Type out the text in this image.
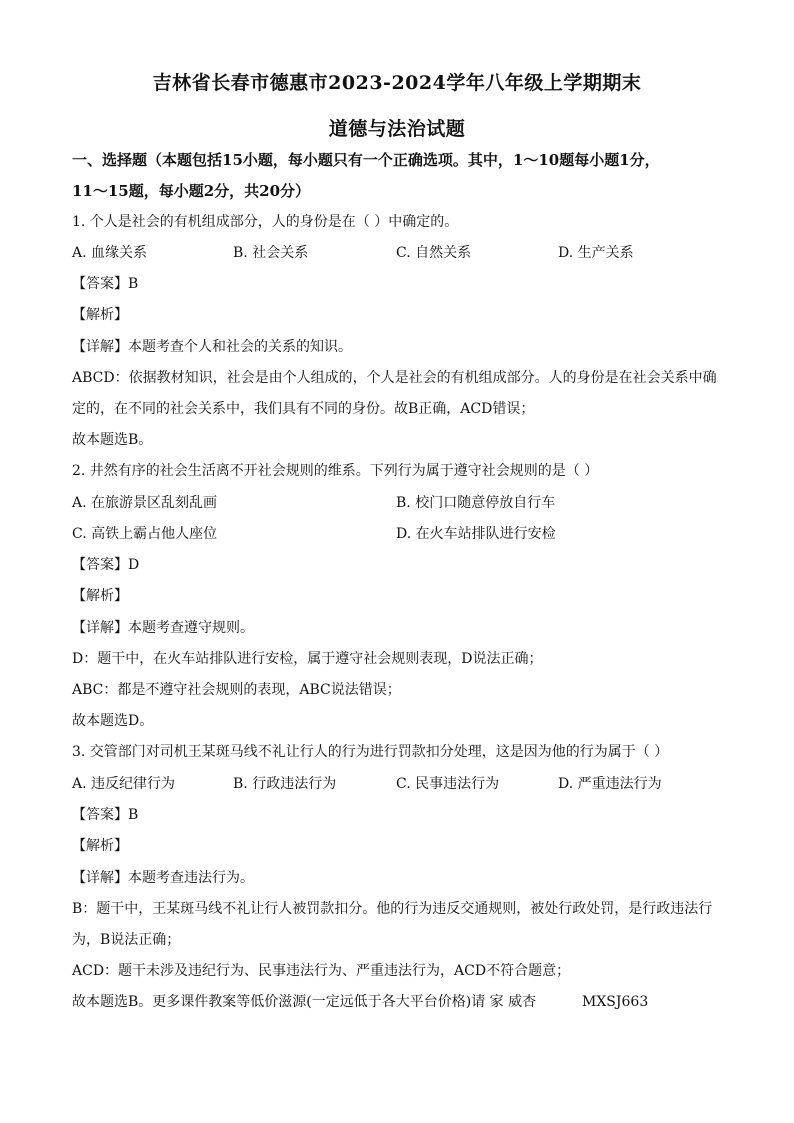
吉林省长春市德惠市2023-2024学年八年级上学期期末
道德与法治试题
一、选择题（本题包括15小题，每小题只有一个正确选项。其中，1～10题每小题1分，
11～15题，每小题2分，共20分）
1. 个人是社会的有机组成部分，人的身份是在（ ）中确定的。
A. 血缘关系	B. 社会关系	C. 自然关系	D. 生产关系
【答案】B
【解析】
【详解】本题考查个人和社会的关系的知识。
ABCD：依据教材知识，社会是由个人组成的，个人是社会的有机组成部分。人的身份是在社会关系中确
定的，在不同的社会关系中，我们具有不同的身份。故B正确，ACD错误；
故本题选B。
2. 井然有序的社会生活离不开社会规则的维系。下列行为属于遵守社会规则的是（ ）
A. 在旅游景区乱刻乱画	B. 校门口随意停放自行车
C. 高铁上霸占他人座位	D. 在火车站排队进行安检
【答案】D
【解析】
【详解】本题考查遵守规则。
D：题干中，在火车站排队进行安检，属于遵守社会规则表现，D说法正确；
ABC：都是不遵守社会规则的表现，ABC说法错误；
故本题选D。
3. 交管部门对司机王某斑马线不礼让行人的行为进行罚款扣分处理，这是因为他的行为属于（ ）
A. 违反纪律行为	B. 行政违法行为	C. 民事违法行为	D. 严重违法行为
【答案】B
【解析】
【详解】本题考查违法行为。
B：题干中，王某斑马线不礼让行人被罚款扣分。他的行为违反交通规则，被处行政处罚，是行政违法行
为，B说法正确；
ACD：题干未涉及违纪行为、民事违法行为、严重违法行为，ACD不符合题意；
故本题选B。更多课件教案等低价滋源(一定远低于各大平台价格)请 家 威杏	MXSJ663
